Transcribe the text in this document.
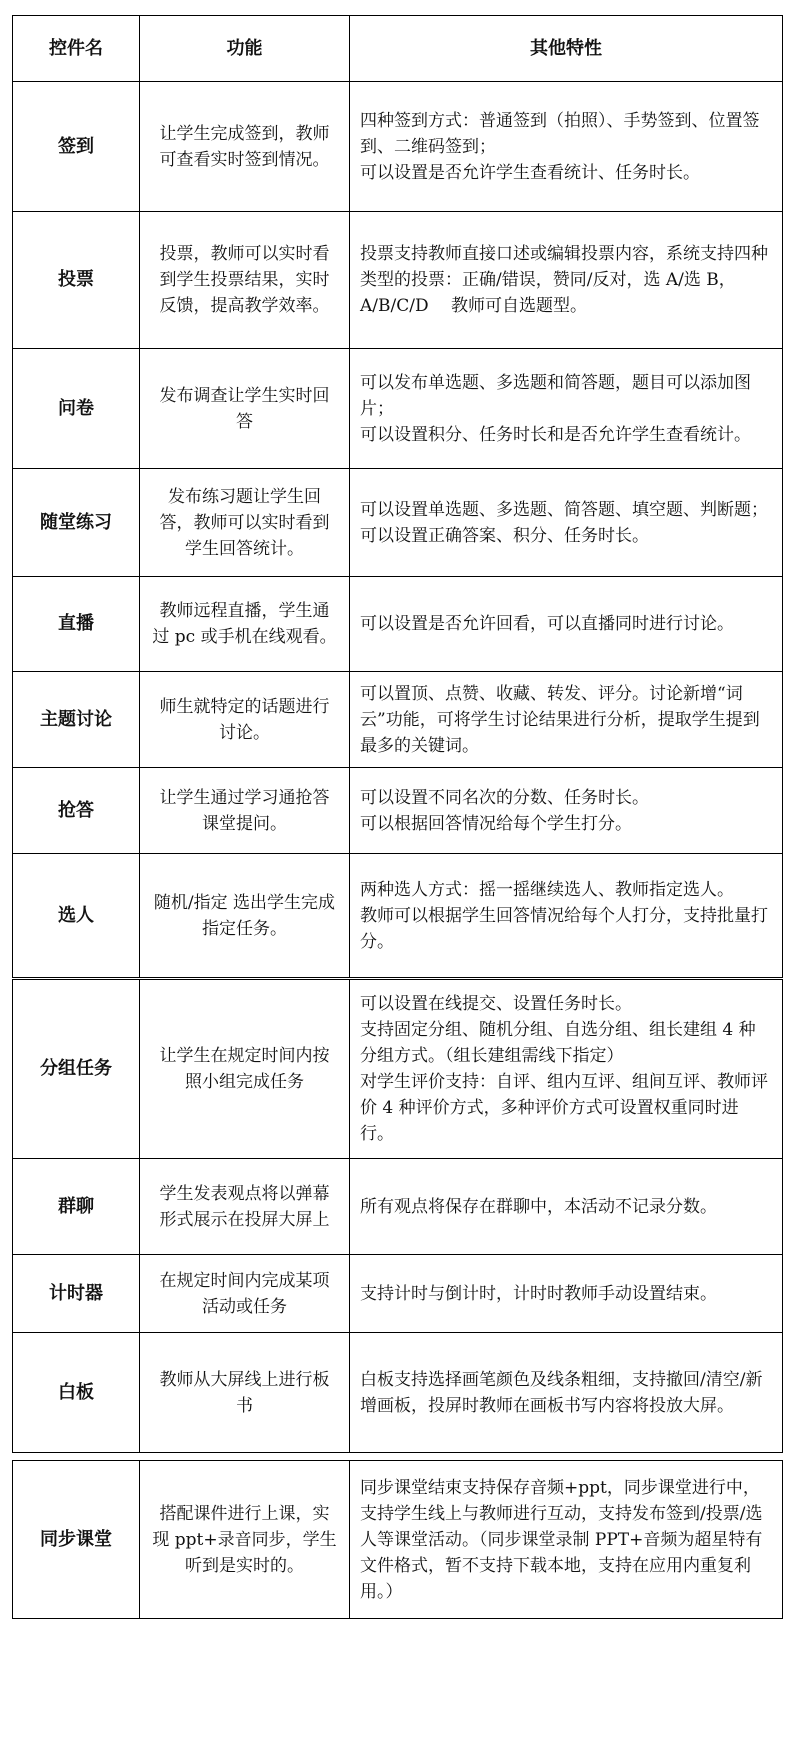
控件名	功能	其他特性
签到	让学生完成签到，教师可查看实时签到情况。	四种签到方式：普通签到（拍照）、手势签到、位置签到、二维码签到；
可以设置是否允许学生查看统计、任务时长。

投票	投票，教师可以实时看到学生投票结果，实时反馈，提高教学效率。	投票支持教师直接口述或编辑投票内容，系统支持四种类型的投票：正确/错误，赞同/反对，选 A/选 B，A/B/C/D　 教师可自选题型。

问卷	发布调查让学生实时回答	可以发布单选题、多选题和简答题，题目可以添加图片；
可以设置积分、任务时长和是否允许学生查看统计。

随堂练习	发布练习题让学生回答，教师可以实时看到学生回答统计。	可以设置单选题、多选题、简答题、填空题、判断题；
可以设置正确答案、积分、任务时长。

直播	教师远程直播，学生通过 pc 或手机在线观看。	可以设置是否允许回看，可以直播同时进行讨论。

主题讨论	师生就特定的话题进行讨论。	可以置顶、点赞、收藏、转发、评分。讨论新增“词云”功能，可将学生讨论结果进行分析，提取学生提到最多的关键词。

抢答	让学生通过学习通抢答课堂提问。	可以设置不同名次的分数、任务时长。
可以根据回答情况给每个学生打分。

选人	随机/指定 选出学生完成指定任务。	两种选人方式：摇一摇继续选人、教师指定选人。
教师可以根据学生回答情况给每个人打分，支持批量打分。

分组任务	让学生在规定时间内按照小组完成任务	可以设置在线提交、设置任务时长。
支持固定分组、随机分组、自选分组、组长建组 4 种分组方式。（组长建组需线下指定）
对学生评价支持：自评、组内互评、组间互评、教师评价 4 种评价方式，多种评价方式可设置权重同时进行。

群聊	学生发表观点将以弹幕形式展示在投屏大屏上	所有观点将保存在群聊中，本活动不记录分数。

计时器	在规定时间内完成某项活动或任务	支持计时与倒计时，计时时教师手动设置结束。

白板	教师从大屏线上进行板书	白板支持选择画笔颜色及线条粗细，支持撤回/清空/新增画板，投屏时教师在画板书写内容将投放大屏。

同步课堂	搭配课件进行上课，实现 ppt+录音同步，学生听到是实时的。	同步课堂结束支持保存音频+ppt，同步课堂进行中，支持学生线上与教师进行互动，支持发布签到/投票/选人等课堂活动。（同步课堂录制 PPT+音频为超星特有文件格式，暂不支持下载本地，支持在应用内重复利用。）
